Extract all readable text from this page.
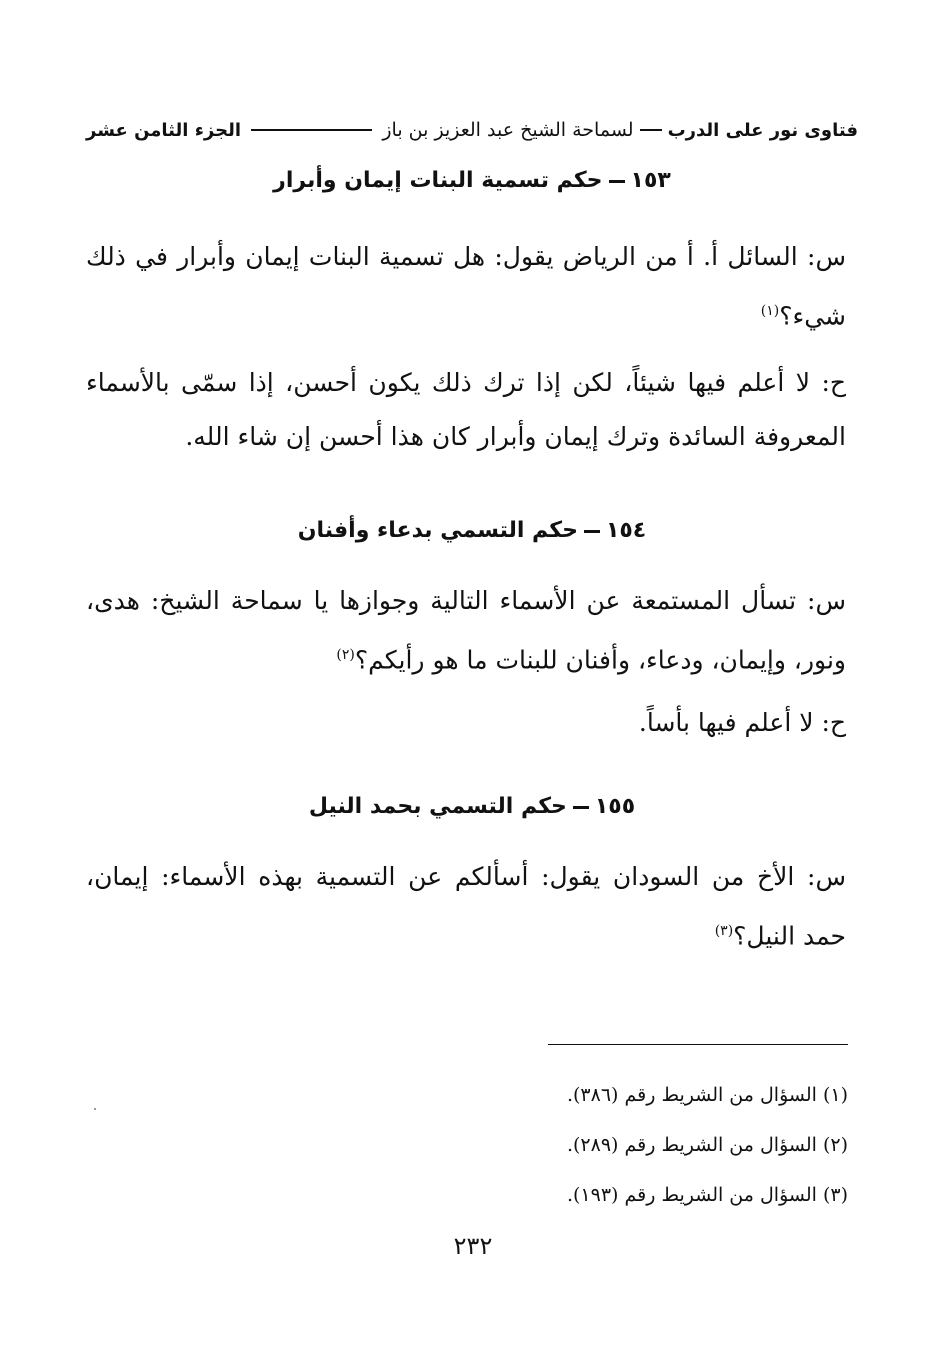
فتاوى نور على الدرب
لسماحة الشيخ عبد العزيز بن باز
الجزء الثامن عشر
١٥٣حكم تسمية البنات إيمان وأبرار
س: السائل أ. أ من الرياض يقول: هل تسمية البنات إيمان وأبرار في ذلك شيء؟$^{(١)}$
ح: لا أعلم فيها شيئاً، لكن إذا ترك ذلك يكون أحسن، إذا سمّى بالأسماء المعروفة السائدة وترك إيمان وأبرار كان هذا أحسن إن شاء الله.
١٥٤حكم التسمي بدعاء وأفنان
س: تسأل المستمعة عن الأسماء التالية وجوازها يا سماحة الشيخ: هدى، ونور، وإيمان، ودعاء، وأفنان للبنات ما هو رأيكم؟$^{(٢)}$
ح: لا أعلم فيها بأساً.
١٥٥حكم التسمي بحمد النيل
س: الأخ من السودان يقول: أسألكم عن التسمية بهذه الأسماء: إيمان، حمد النيل؟$^{(٣)}$
(١) السؤال من الشريط رقم (٣٨٦).
(٢) السؤال من الشريط رقم (٢٨٩).
(٣) السؤال من الشريط رقم (١٩٣).
٢٣٢
